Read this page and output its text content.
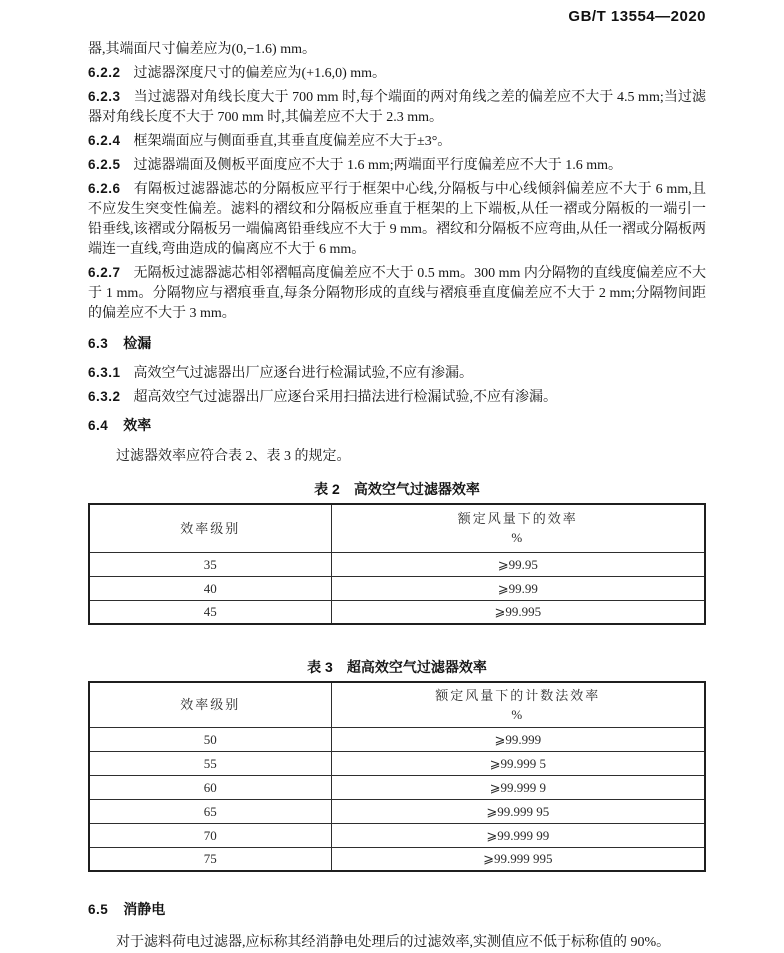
GB/T 13554—2020

器,其端面尺寸偏差应为(0,−1.6) mm。

6.2.2 过滤器深度尺寸的偏差应为(+1.6,0) mm。

6.2.3 当过滤器对角线长度大于 700 mm 时,每个端面的两对角线之差的偏差应不大于 4.5 mm;当过滤器对角线长度不大于 700 mm 时,其偏差应不大于 2.3 mm。

6.2.4 框架端面应与侧面垂直,其垂直度偏差应不大于±3°。

6.2.5 过滤器端面及侧板平面度应不大于 1.6 mm;两端面平行度偏差应不大于 1.6 mm。

6.2.6 有隔板过滤器滤芯的分隔板应平行于框架中心线,分隔板与中心线倾斜偏差应不大于 6 mm,且不应发生突变性偏差。滤料的褶纹和分隔板应垂直于框架的上下端板,从任一褶或分隔板的一端引一铅垂线,该褶或分隔板另一端偏离铅垂线应不大于 9 mm。褶纹和分隔板不应弯曲,从任一褶或分隔板两端连一直线,弯曲造成的偏离应不大于 6 mm。

6.2.7 无隔板过滤器滤芯相邻褶幅高度偏差应不大于 0.5 mm。300 mm 内分隔物的直线度偏差应不大于 1 mm。分隔物应与褶痕垂直,每条分隔物形成的直线与褶痕垂直度偏差应不大于 2 mm;分隔物间距的偏差应不大于 3 mm。

6.3 检漏

6.3.1 高效空气过滤器出厂应逐台进行检漏试验,不应有渗漏。

6.3.2 超高效空气过滤器出厂应逐台采用扫描法进行检漏试验,不应有渗漏。

6.4 效率

过滤器效率应符合表 2、表 3 的规定。

表 2 高效空气过滤器效率
效率级别	额定风量下的效率
%

35	⩾99.95
40	⩾99.99
45	⩾99.995
表 3 超高效空气过滤器效率
效率级别	额定风量下的计数法效率
%

50	⩾99.999
55	⩾99.999 5
60	⩾99.999 9
65	⩾99.999 95
70	⩾99.999 99
75	⩾99.999 995
6.5 消静电

对于滤料荷电过滤器,应标称其经消静电处理后的过滤效率,实测值应不低于标称值的 90%。
